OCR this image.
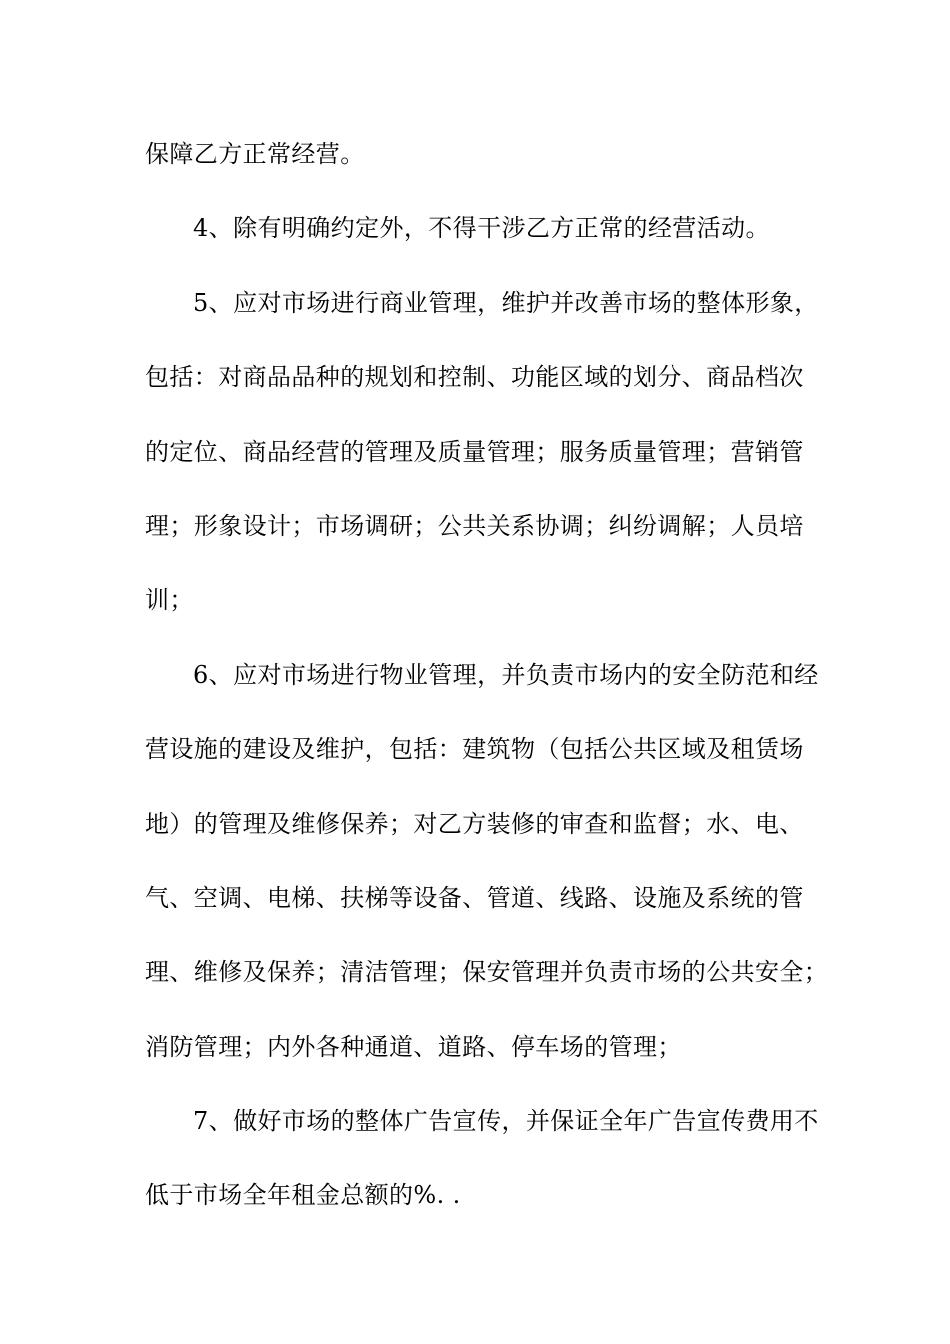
保障乙方正常经营。
4、除有明确约定外，不得干涉乙方正常的经营活动。
5、应对市场进行商业管理，维护并改善市场的整体形象，
包括：对商品品种的规划和控制、功能区域的划分、商品档次
的定位、商品经营的管理及质量管理；服务质量管理；营销管
理；形象设计；市场调研；公共关系协调；纠纷调解；人员培
训；
6、应对市场进行物业管理，并负责市场内的安全防范和经
营设施的建设及维护，包括：建筑物（包括公共区域及租赁场
地）的管理及维修保养；对乙方装修的审查和监督；水、电、
气、空调、电梯、扶梯等设备、管道、线路、设施及系统的管
理、维修及保养；清洁管理；保安管理并负责市场的公共安全；
消防管理；内外各种通道、道路、停车场的管理；
7、做好市场的整体广告宣传，并保证全年广告宣传费用不
低于市场全年租金总额的%. .
